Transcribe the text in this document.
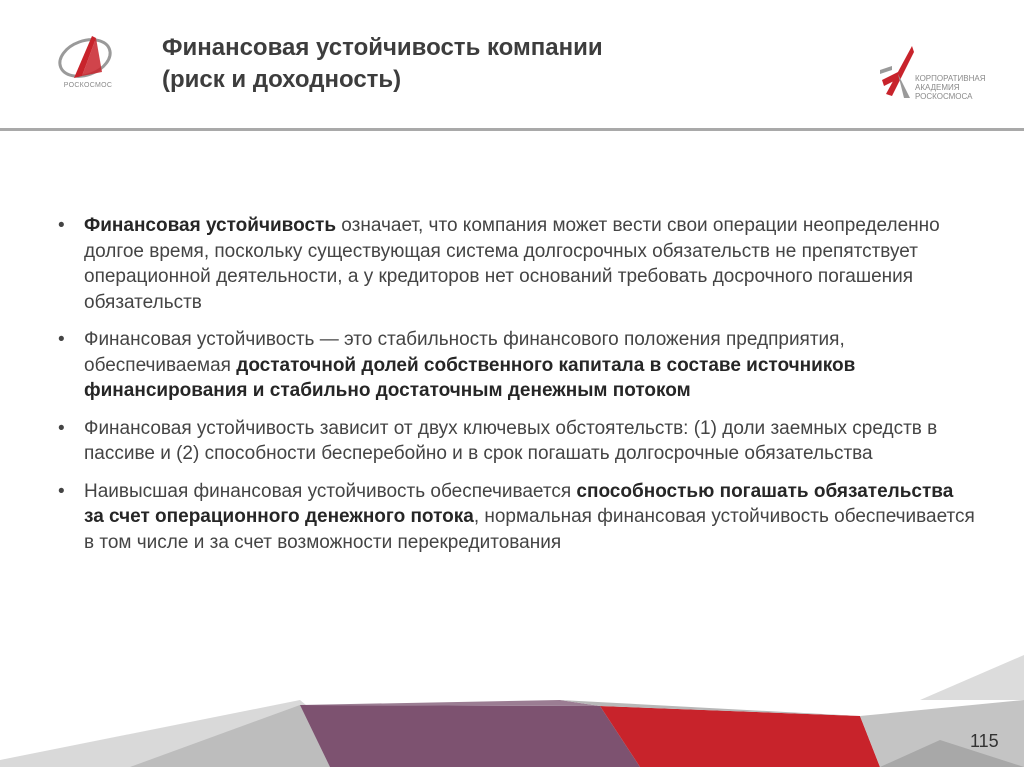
РОСКОСМОС
Финансовая устойчивость компании
(риск и доходность)	КОРПОРАТИВНАЯ
АКАДЕМИЯ
РОСКОСМОСА
• Финансовая устойчивость означает, что компания может вести свои операции неопределенно долгое время, поскольку существующая система долгосрочных обязательств не препятствует операционной деятельности, а у кредиторов нет оснований требовать досрочного погашения обязательств
• Финансовая устойчивость — это стабильность финансового положения предприятия, обеспечиваемая достаточной долей собственного капитала в составе источников финансирования и стабильно достаточным денежным потоком
• Финансовая устойчивость зависит от двух ключевых обстоятельств: (1) доли заемных средств в пассиве и (2) способности бесперебойно и в срок погашать долгосрочные обязательства
• Наивысшая финансовая устойчивость обеспечивается способностью погашать обязательства за счет операционного денежного потока, нормальная финансовая устойчивость обеспечивается в том числе и за счет возможности перекредитования
115
